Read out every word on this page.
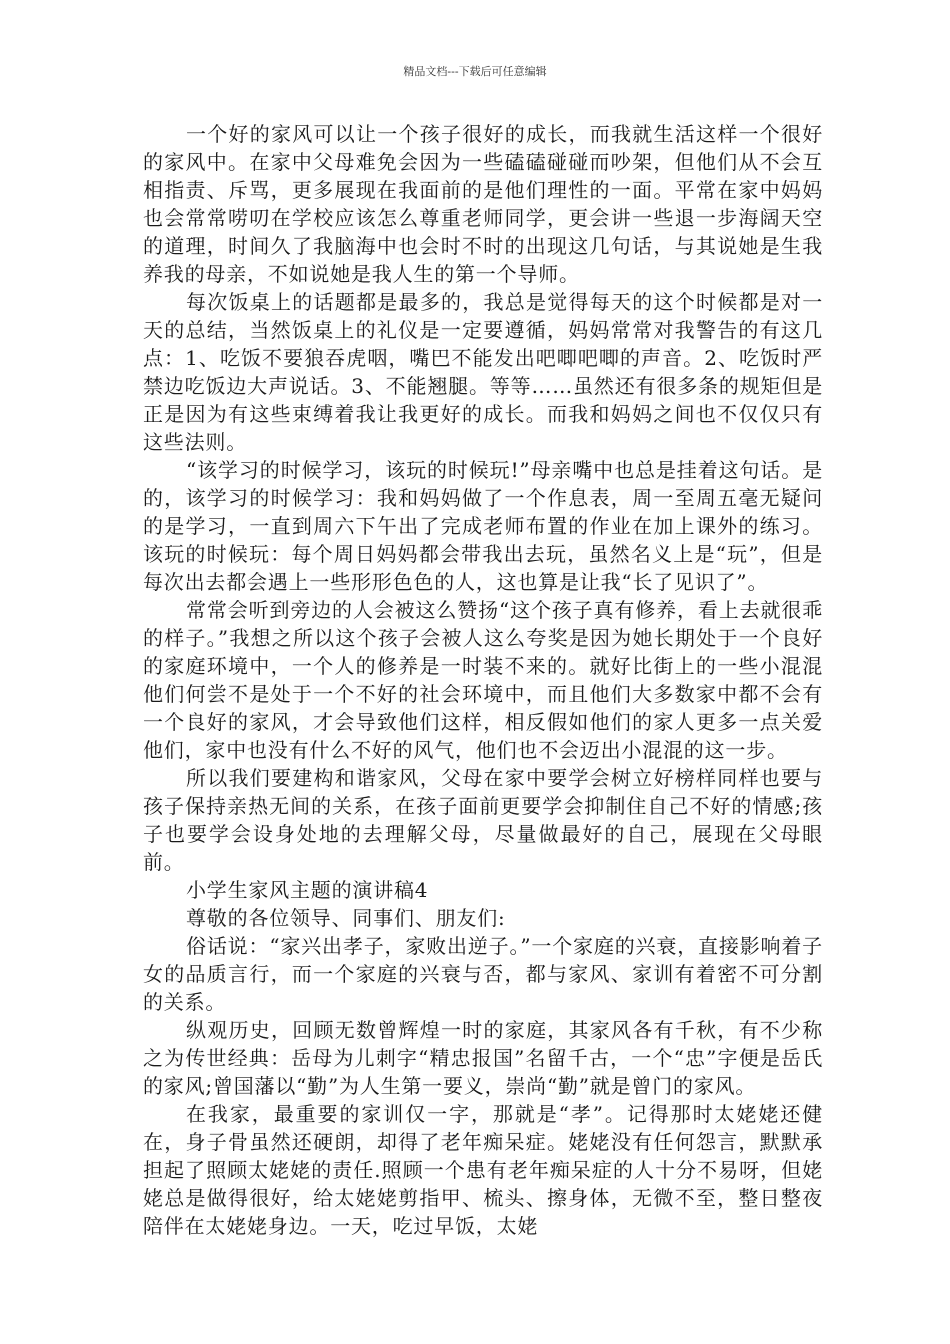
精品文档---下载后可任意编辑

一个好的家风可以让一个孩子很好的成长，而我就生活这样一个很好的家风中。在家中父母难免会因为一些磕磕碰碰而吵架，但他们从不会互相指责、斥骂，更多展现在我面前的是他们理性的一面。平常在家中妈妈也会常常唠叨在学校应该怎么尊重老师同学，更会讲一些退一步海阔天空的道理，时间久了我脑海中也会时不时的出现这几句话，与其说她是生我养我的母亲，不如说她是我人生的第一个导师。

每次饭桌上的话题都是最多的，我总是觉得每天的这个时候都是对一天的总结，当然饭桌上的礼仪是一定要遵循，妈妈常常对我警告的有这几点：1、吃饭不要狼吞虎咽，嘴巴不能发出吧唧吧唧的声音。2、吃饭时严禁边吃饭边大声说话。3、不能翘腿。等等……虽然还有很多条的规矩但是正是因为有这些束缚着我让我更好的成长。而我和妈妈之间也不仅仅只有这些法则。

“该学习的时候学习，该玩的时候玩!”母亲嘴中也总是挂着这句话。是的，该学习的时候学习：我和妈妈做了一个作息表，周一至周五毫无疑问的是学习，一直到周六下午出了完成老师布置的作业在加上课外的练习。该玩的时候玩：每个周日妈妈都会带我出去玩，虽然名义上是“玩”，但是每次出去都会遇上一些形形色色的人，这也算是让我“长了见识了”。

常常会听到旁边的人会被这么赞扬“这个孩子真有修养，看上去就很乖的样子。”我想之所以这个孩子会被人这么夸奖是因为她长期处于一个良好的家庭环境中，一个人的修养是一时装不来的。就好比街上的一些小混混他们何尝不是处于一个不好的社会环境中，而且他们大多数家中都不会有一个良好的家风，才会导致他们这样，相反假如他们的家人更多一点关爱他们，家中也没有什么不好的风气，他们也不会迈出小混混的这一步。

所以我们要建构和谐家风，父母在家中要学会树立好榜样同样也要与孩子保持亲热无间的关系，在孩子面前更要学会抑制住自己不好的情感;孩子也要学会设身处地的去理解父母，尽量做最好的自己，展现在父母眼前。

小学生家风主题的演讲稿4

尊敬的各位领导、同事们、朋友们:

俗话说：“家兴出孝子，家败出逆子。”一个家庭的兴衰，直接影响着子女的品质言行，而一个家庭的兴衰与否，都与家风、家训有着密不可分割的关系。

纵观历史，回顾无数曾辉煌一时的家庭，其家风各有千秋，有不少称之为传世经典：岳母为儿刺字“精忠报国”名留千古，一个“忠”字便是岳氏的家风;曾国藩以“勤”为人生第一要义，崇尚“勤”就是曾门的家风。

在我家，最重要的家训仅一字，那就是“孝”。记得那时太姥姥还健在，身子骨虽然还硬朗，却得了老年痴呆症。姥姥没有任何怨言，默默承担起了照顾太姥姥的责任.照顾一个患有老年痴呆症的人十分不易呀，但姥姥总是做得很好，给太姥姥剪指甲、梳头、擦身体，无微不至，整日整夜陪伴在太姥姥身边。一天，吃过早饭，太姥
